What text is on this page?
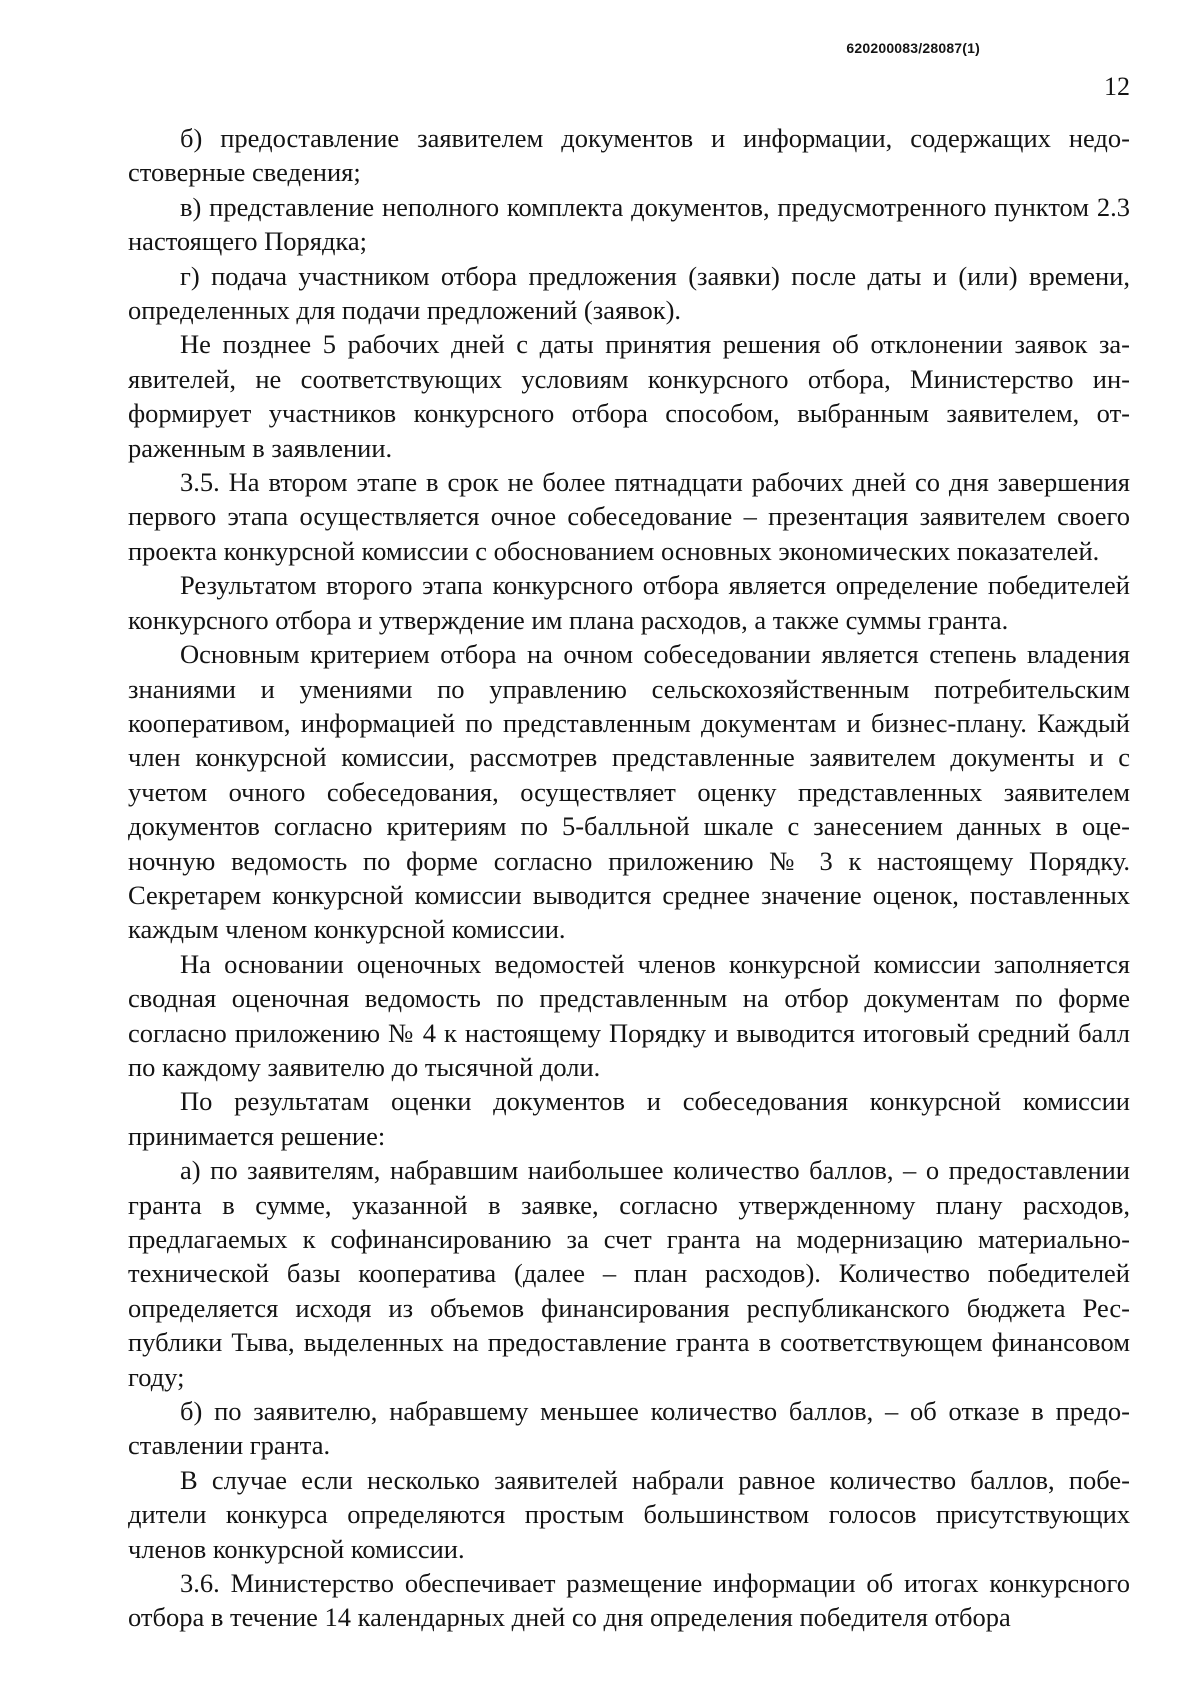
620200083/28087(1)
12

б) предоставление заявителем документов и информации, содержащих недостоверные сведения;

в) представление неполного комплекта документов, предусмотренного пунктом 2.3 настоящего Порядка;

г) подача участником отбора предложения (заявки) после даты и (или) времени, определенных для подачи предложений (заявок).

Не позднее 5 рабочих дней с даты принятия решения об отклонении заявок заявителей, не соответствующих условиям конкурсного отбора, Министерство информирует участников конкурсного отбора способом, выбранным заявителем, отраженным в заявлении.

3.5. На втором этапе в срок не более пятнадцати рабочих дней со дня завершения первого этапа осуществляется очное собеседование – презентация заявителем своего проекта конкурсной комиссии с обоснованием основных экономических показателей.

Результатом второго этапа конкурсного отбора является определение победителей конкурсного отбора и утверждение им плана расходов, а также суммы гранта.

Основным критерием отбора на очном собеседовании является степень владения знаниями и умениями по управлению сельскохозяйственным потребительским кооперативом, информацией по представленным документам и бизнес-плану. Каждый член конкурсной комиссии, рассмотрев представленные заявителем документы и с учетом очного собеседования, осуществляет оценку представленных заявителем документов согласно критериям по 5-балльной шкале с занесением данных в оценочную ведомость по форме согласно приложению № 3 к настоящему Порядку. Секретарем конкурсной комиссии выводится среднее значение оценок, поставленных каждым членом конкурсной комиссии.

На основании оценочных ведомостей членов конкурсной комиссии заполняется сводная оценочная ведомость по представленным на отбор документам по форме согласно приложению № 4 к настоящему Порядку и выводится итоговый средний балл по каждому заявителю до тысячной доли.

По результатам оценки документов и собеседования конкурсной комиссии принимается решение:

а) по заявителям, набравшим наибольшее количество баллов, – о предоставлении гранта в сумме, указанной в заявке, согласно утвержденному плану расходов, предлагаемых к софинансированию за счет гранта на модернизацию материально-технической базы кооператива (далее – план расходов). Количество победителей определяется исходя из объемов финансирования республиканского бюджета Республики Тыва, выделенных на предоставление гранта в соответствующем финансовом году;

б) по заявителю, набравшему меньшее количество баллов, – об отказе в предоставлении гранта.

В случае если несколько заявителей набрали равное количество баллов, победители конкурса определяются простым большинством голосов присутствующих членов конкурсной комиссии.

3.6. Министерство обеспечивает размещение информации об итогах конкурсного отбора в течение 14 календарных дней со дня определения победителя отбора
